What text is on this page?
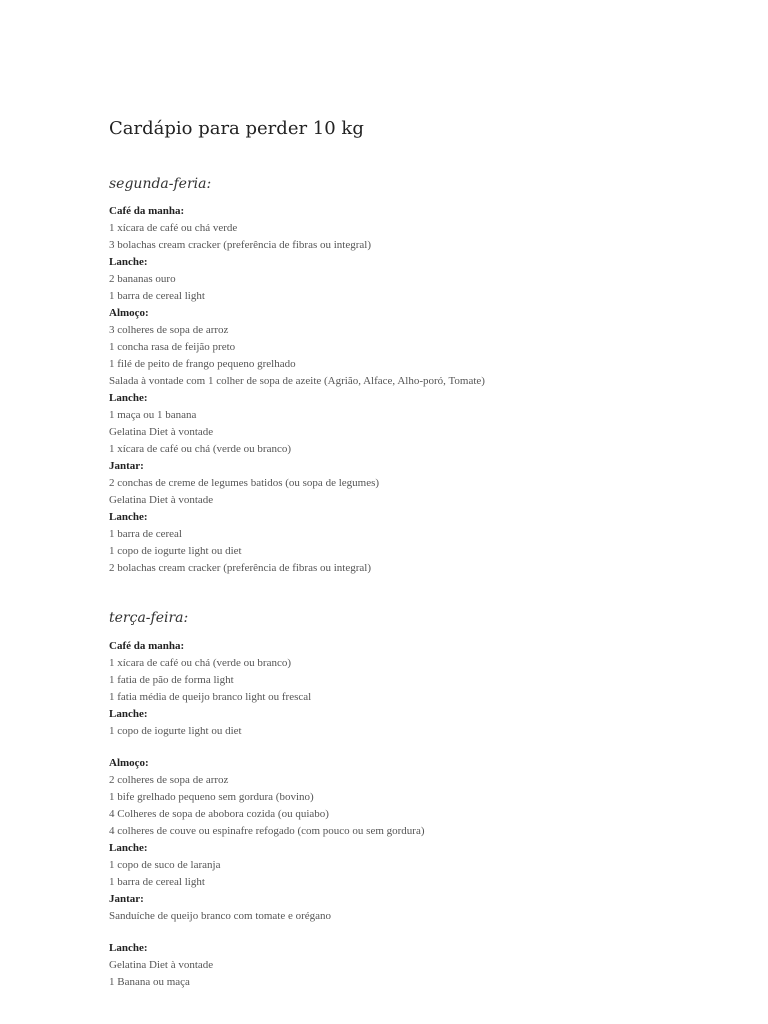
Cardápio para perder 10 kg
segunda-feria:
Café da manha:
1 xícara de café ou chá verde
3 bolachas cream cracker (preferência de fibras ou integral)
Lanche:
2 bananas ouro
1 barra de cereal light
Almoço:
3 colheres de sopa de arroz
1 concha rasa de feijão preto
1 filé de peito de frango pequeno grelhado
Salada à vontade com 1 colher de sopa de azeite (Agrião, Alface, Alho-poró, Tomate)
Lanche:
1 maça ou 1 banana
Gelatina Diet à vontade
1 xícara de café ou chá (verde ou branco)
Jantar:
2 conchas de creme de legumes batidos (ou sopa de legumes)
Gelatina Diet à vontade
Lanche:
1 barra de cereal
1 copo de iogurte light ou diet
2 bolachas cream cracker (preferência de fibras ou integral)
terça-feira:
Café da manha:
1 xícara de café ou chá (verde ou branco)
1 fatia de pão de forma light
1 fatia média de queijo branco light ou frescal
Lanche:
1 copo de iogurte light ou diet
Almoço:
2 colheres de sopa de arroz
1 bife grelhado pequeno sem gordura (bovino)
4 Colheres de sopa de abobora cozida (ou quiabo)
4 colheres de couve ou espinafre refogado (com pouco ou sem gordura)
Lanche:
1 copo de suco de laranja
1 barra de cereal light
Jantar:
Sanduíche de queijo branco com tomate e orégano
Lanche:
Gelatina Diet à vontade
1 Banana ou maça
